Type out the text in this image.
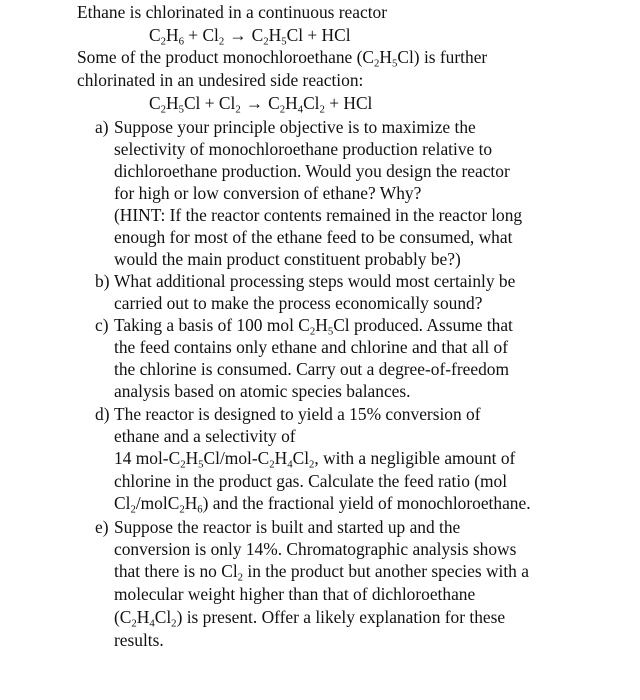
Ethane is chlorinated in a continuous reactor
$C_2H_6 + Cl_2 \to C_2H_5Cl$ + HCl
Some of the product monochloroethane $(C_2H_5Cl)$ is further
chlorinated in an undesired side reaction:
$C_2H_5Cl + Cl_2 \to C_2H_4Cl_2$ + HCl
a) Suppose your principle objective is to maximize the
selectivity of monochloroethane production relative to
dichloroethane production. Would you design the reactor
for high or low conversion of ethane? Why?
(HINT: If the reactor contents remained in the reactor long
enough for most of the ethane feed to be consumed, what
would the main product constituent probably be?)
b) What additional processing steps would most certainly be
carried out to make the process economically sound?
c) Taking a basis of 100 mol $C_2H_5Cl$ produced. Assume that
the feed contains only ethane and chlorine and that all of
the chlorine is consumed. Carry out a degree-of-freedom
analysis based on atomic species balances.
d) The reactor is designed to yield a 15% conversion of
ethane and a selectivity of
14 mol-$C_2H_5Cl/mol-C_2H_4Cl_2$, with a negligible amount of
chlorine in the product gas. Calculate the feed ratio (mol
$Cl_2/molC_2H_6$) and the fractional yield of monochloroethane.
e) Suppose the reactor is built and started up and the
conversion is only 14%. Chromatographic analysis shows
that there is no $Cl_2$ in the product but another species with a
molecular weight higher than that of dichloroethane
$(C_2H_4Cl_2)$ is present. Offer a likely explanation for these
results.
